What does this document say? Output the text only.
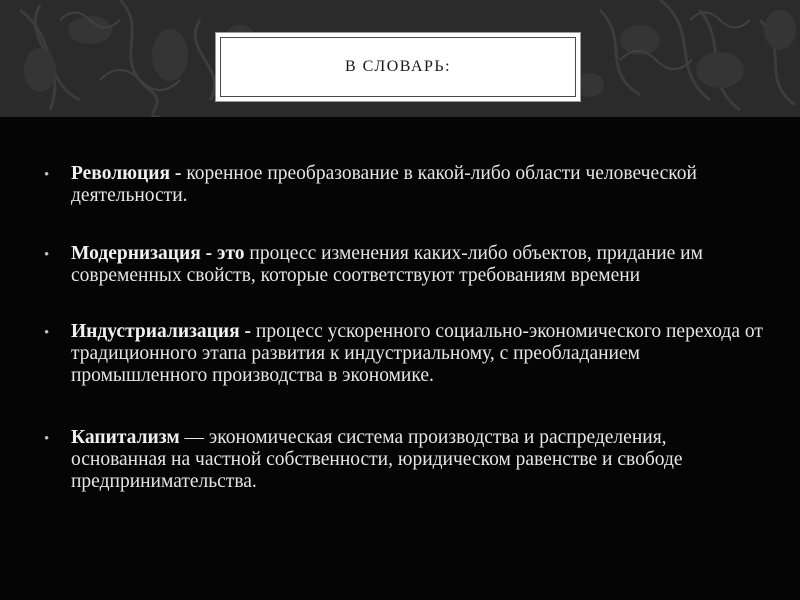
В СЛОВАРЬ:
• Революция - коренное преобразование в какой-либо области человеческой деятельности.
• Модернизация - это процесс изменения каких-либо объектов, придание им современных свойств, которые соответствуют требованиям времени
• Индустриализация - процесс ускоренного социально-экономического перехода от традиционного этапа развития к индустриальному, с преобладанием промышленного производства в экономике.
• Капитализм — экономическая система производства и распределения, основанная на частной собственности, юридическом равенстве и свободе предпринимательства.
